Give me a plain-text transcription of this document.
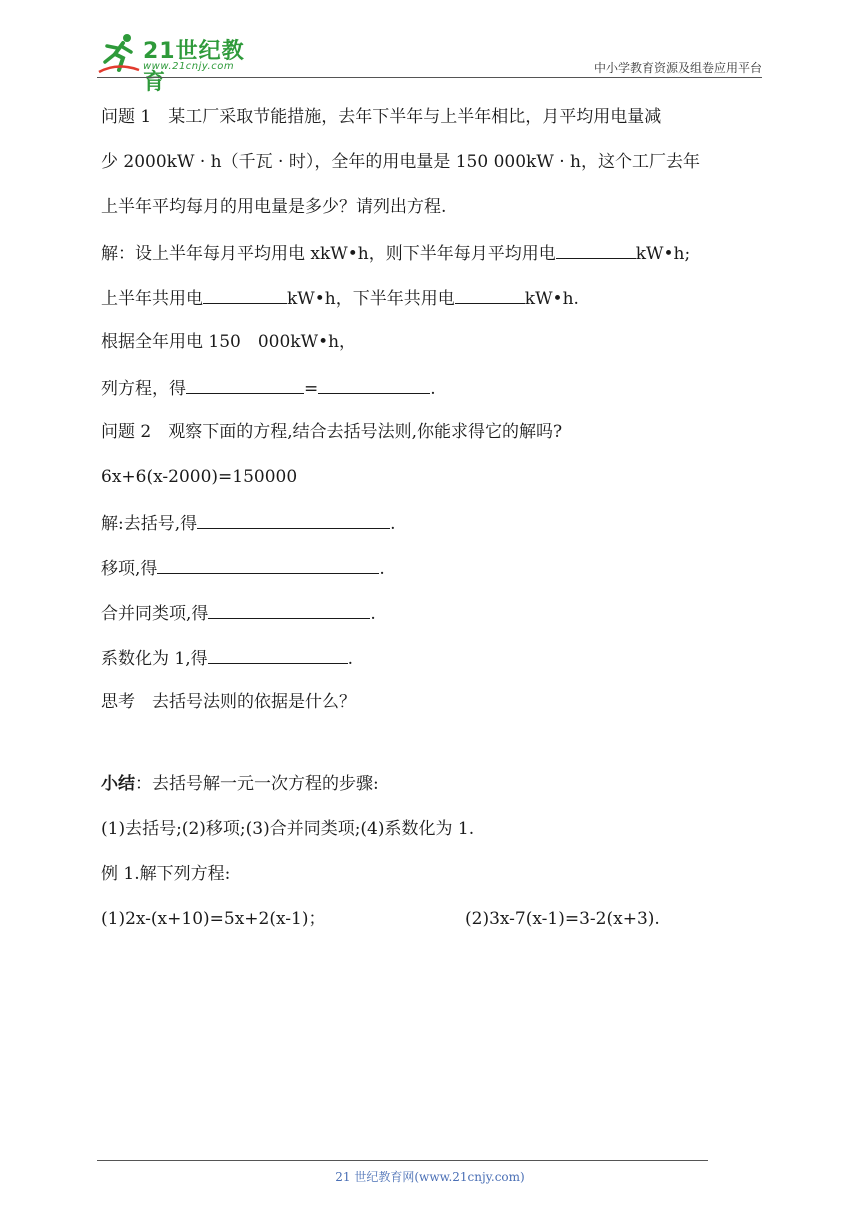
21世纪教育
www.21cnjy.com	中小学教育资源及组卷应用平台
问题 1　某工厂采取节能措施，去年下半年与上半年相比，月平均用电量减
少 2000kW · h（千瓦 · 时），全年的用电量是 150 000kW · h，这个工厂去年
上半年平均每月的用电量是多少？请列出方程.
解：设上半年每月平均用电 xkW•h，则下半年每月平均用电	kW•h;
上半年共用电	kW•h，下半年共用电	kW•h.
根据全年用电 150　000kW•h，
列方程，得	=	.
问题 2　观察下面的方程,结合去括号法则,你能求得它的解吗?
6x+6(x-2000)=150000
解:去括号,得	.
移项,得	.
合并同类项,得	.
系数化为 1,得	.
思考　去括号法则的依据是什么？
小结：去括号解一元一次方程的步骤:
(1)去括号;(2)移项;(3)合并同类项;(4)系数化为 1.
例 1.解下列方程:
(1)2x-(x+10)=5x+2(x-1)；	(2)3x-7(x-1)=3-2(x+3).
21 世纪教育网(www.21cnjy.com)
